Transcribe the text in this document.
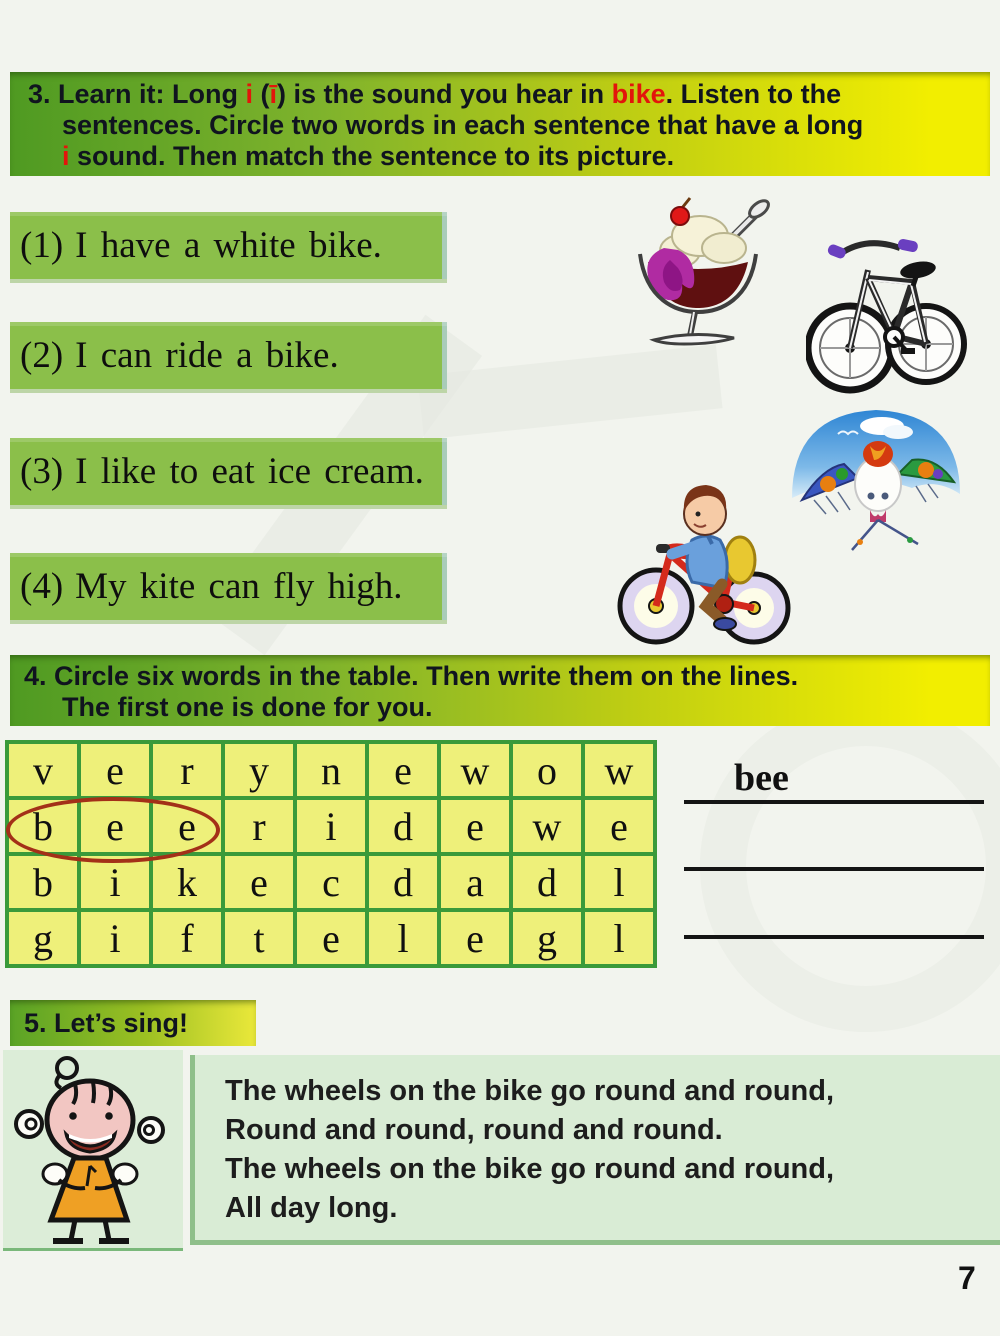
3. Learn it: Long i (ī) is the sound you hear in bike. Listen to the
sentences. Circle two words in each sentence that have a long
i sound. Then match the sentence to its picture.
(1) I have a white bike.
(2) I can ride a bike.
(3) I like to eat ice cream.
(4) My kite can fly high.
4. Circle six words in the table. Then write them on the lines.
The first one is done for you.
v	e	r	y	n	e	w	o	w
b	e	e	r	i	d	e	w	e
b	i	k	e	c	d	a	d	l
g	i	f	t	e	l	e	g	l
bee
5. Let’s sing!
The wheels on the bike go round and round,
Round and round, round and round.
The wheels on the bike go round and round,
All day long.
7
